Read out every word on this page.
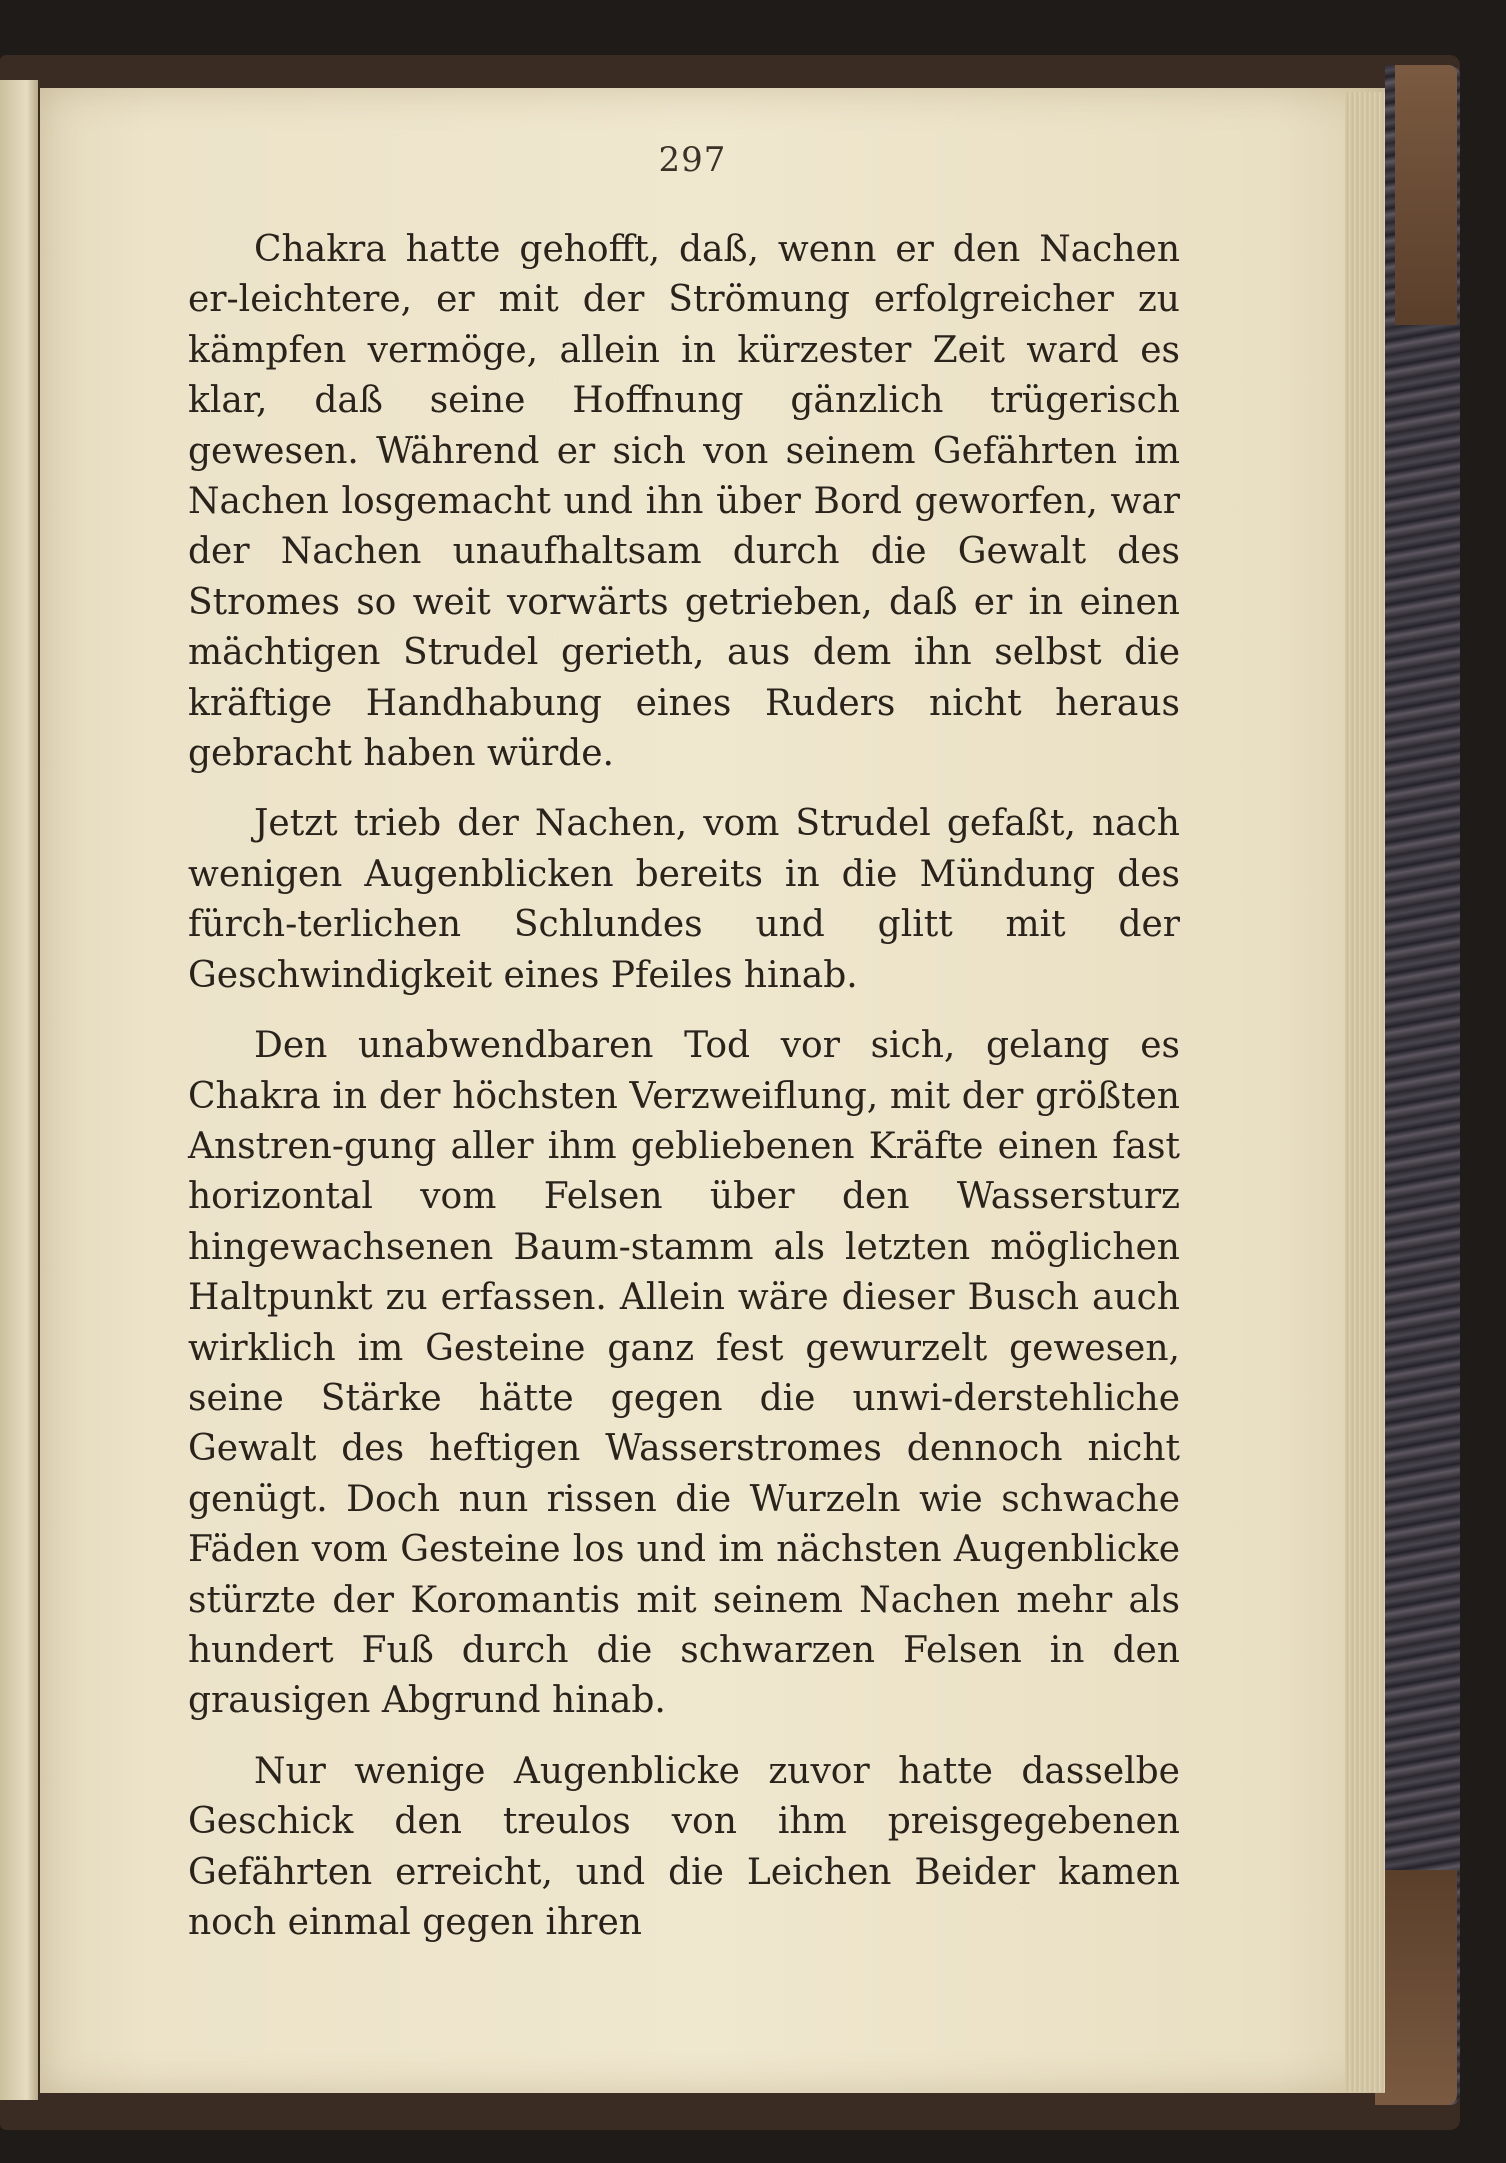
297

Chakra hatte gehofft, daß, wenn er den Nachen er-leichtere, er mit der Strömung erfolgreicher zu kämpfen vermöge, allein in kürzester Zeit ward es klar, daß seine Hoffnung gänzlich trügerisch gewesen. Während er sich von seinem Gefährten im Nachen losgemacht und ihn über Bord geworfen, war der Nachen unaufhaltsam durch die Gewalt des Stromes so weit vorwärts getrieben, daß er in einen mächtigen Strudel gerieth, aus dem ihn selbst die kräftige Handhabung eines Ruders nicht heraus gebracht haben würde.

Jetzt trieb der Nachen, vom Strudel gefaßt, nach wenigen Augenblicken bereits in die Mündung des fürch-terlichen Schlundes und glitt mit der Geschwindigkeit eines Pfeiles hinab.

Den unabwendbaren Tod vor sich, gelang es Chakra in der höchsten Verzweiflung, mit der größten Anstren-gung aller ihm gebliebenen Kräfte einen fast horizontal vom Felsen über den Wassersturz hingewachsenen Baum-stamm als letzten möglichen Haltpunkt zu erfassen. Allein wäre dieser Busch auch wirklich im Gesteine ganz fest gewurzelt gewesen, seine Stärke hätte gegen die unwi-derstehliche Gewalt des heftigen Wasserstromes dennoch nicht genügt. Doch nun rissen die Wurzeln wie schwache Fäden vom Gesteine los und im nächsten Augenblicke stürzte der Koromantis mit seinem Nachen mehr als hundert Fuß durch die schwarzen Felsen in den grausigen Abgrund hinab.

Nur wenige Augenblicke zuvor hatte dasselbe Geschick den treulos von ihm preisgegebenen Gefährten erreicht, und die Leichen Beider kamen noch einmal gegen ihren
